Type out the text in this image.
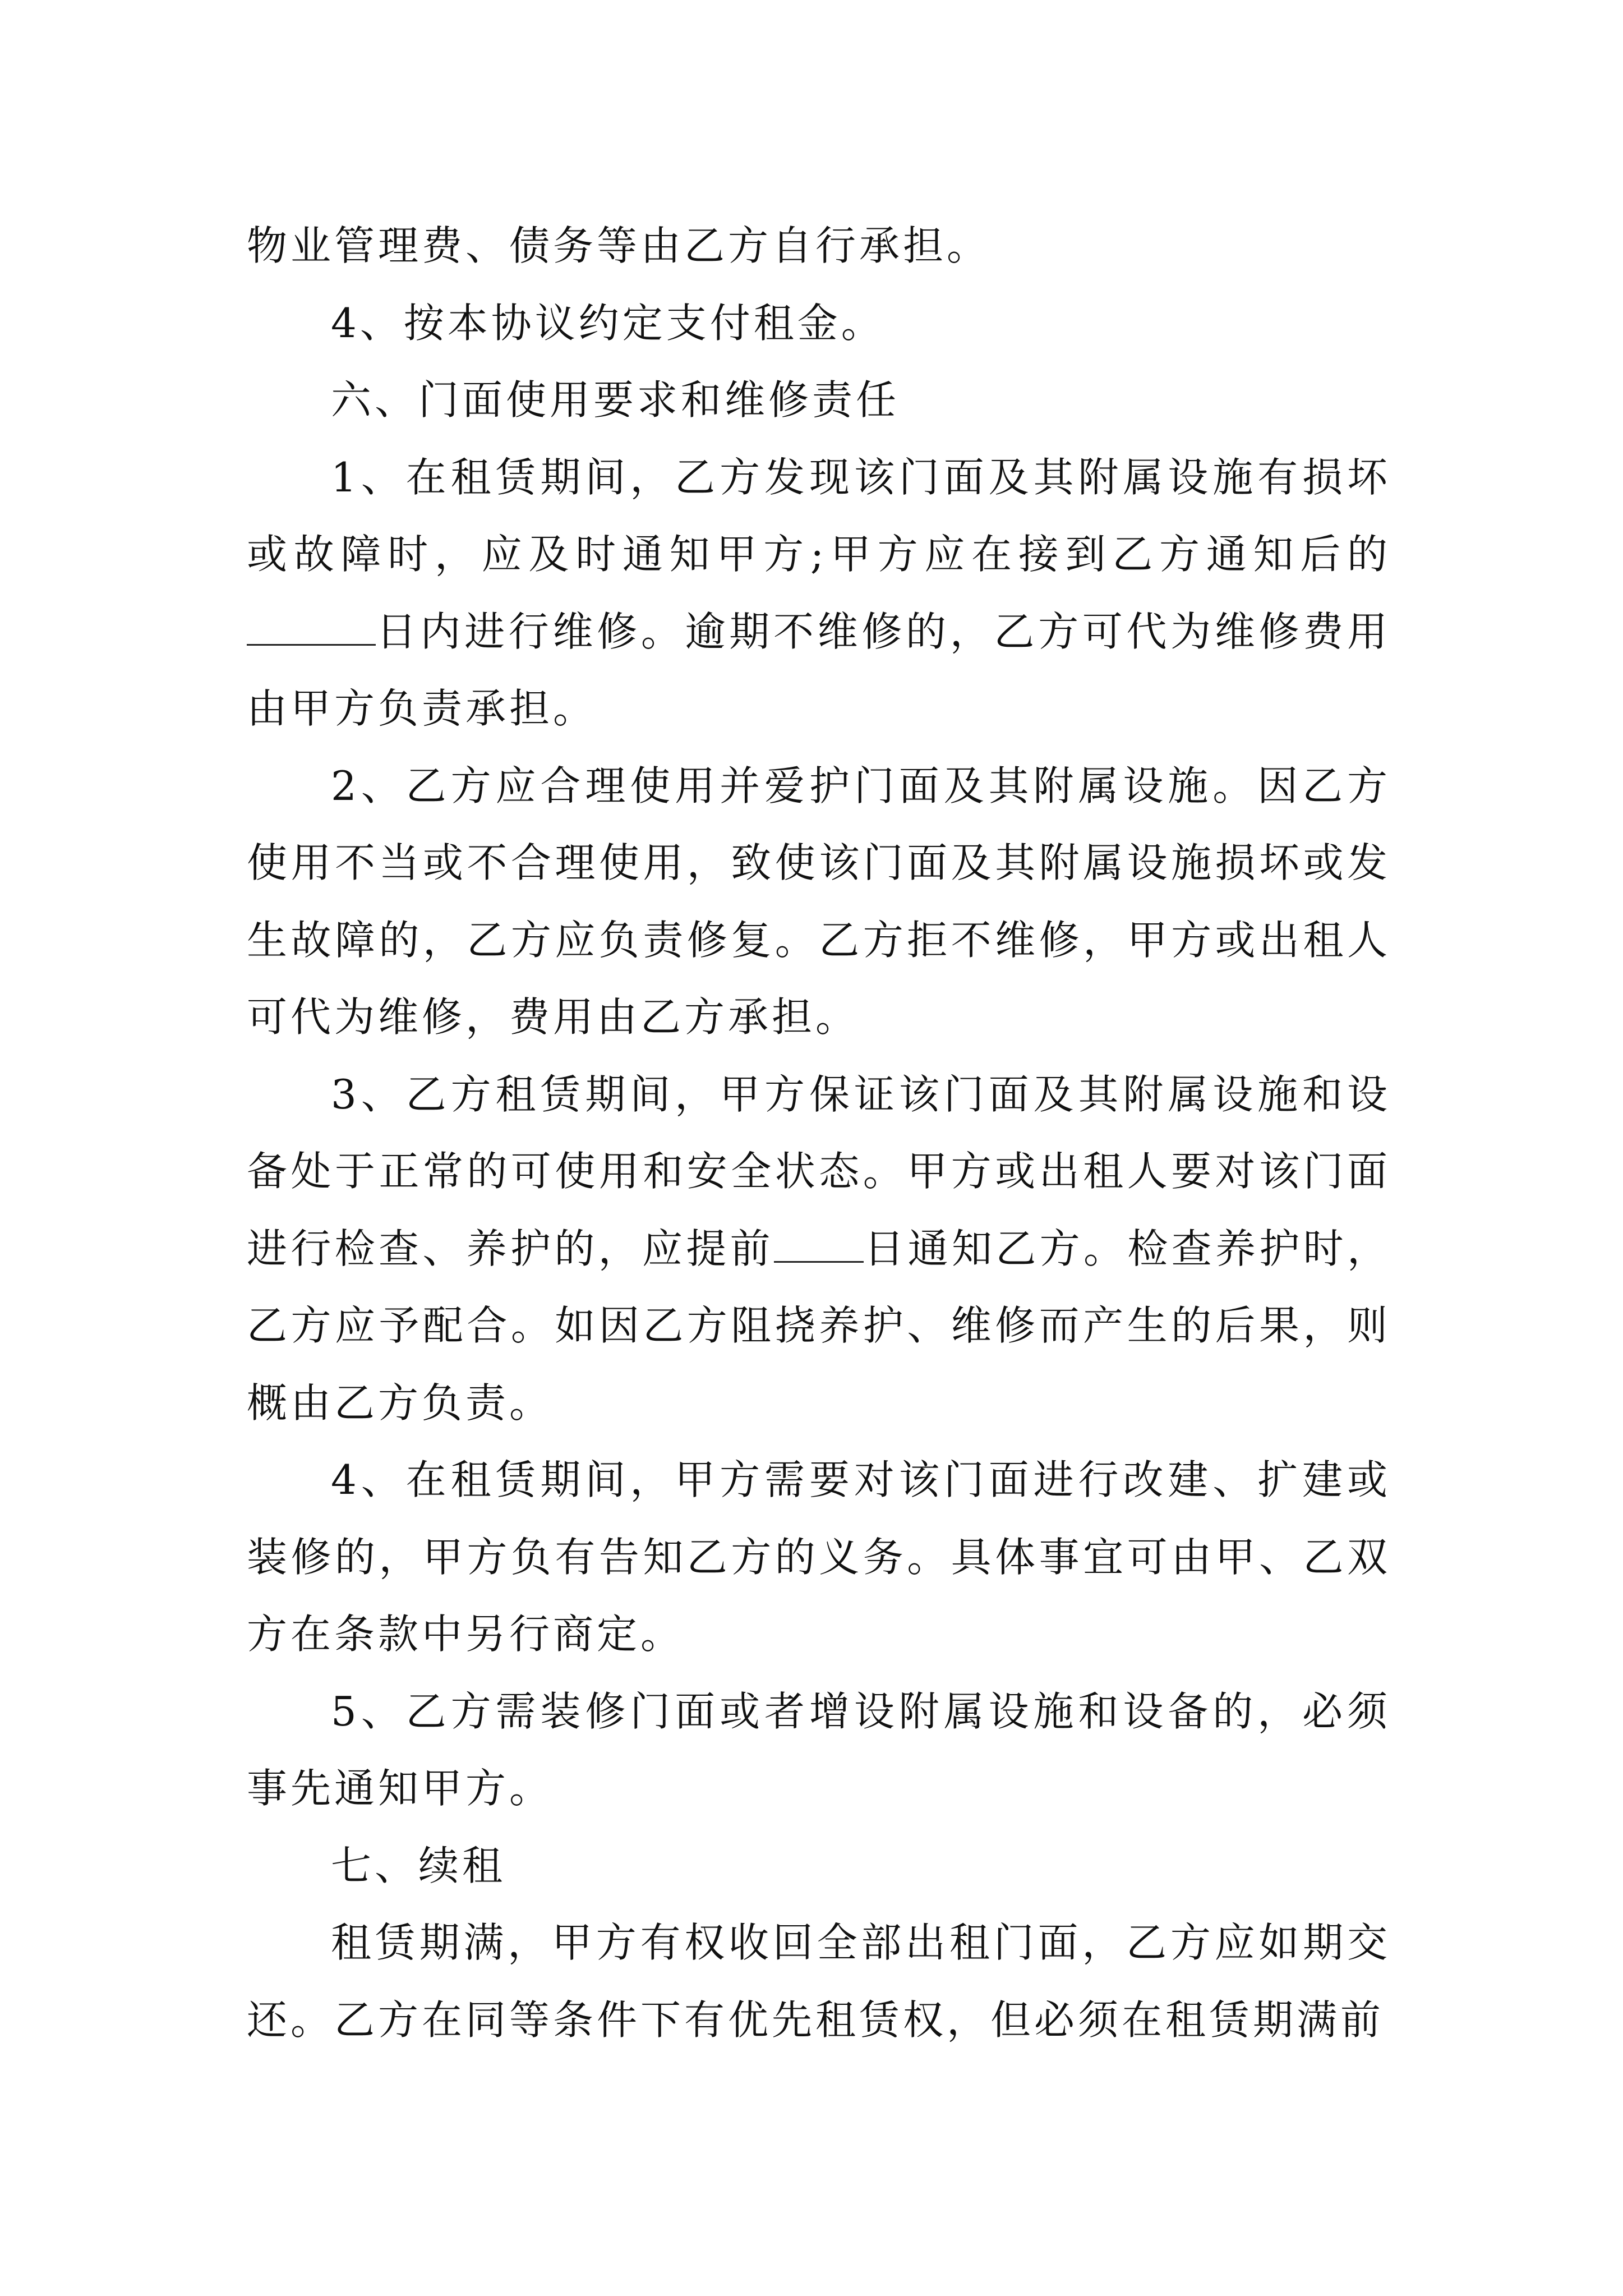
物业管理费、债务等由乙方自行承担。

4、按本协议约定支付租金。

六、门面使用要求和维修责任

1、在租赁期间，乙方发现该门面及其附属设施有损坏或故障时，应及时通知甲方;甲方应在接到乙方通知后的日内进行维修。逾期不维修的，乙方可代为维修费用由甲方负责承担。

2、乙方应合理使用并爱护门面及其附属设施。因乙方使用不当或不合理使用，致使该门面及其附属设施损坏或发生故障的，乙方应负责修复。乙方拒不维修，甲方或出租人可代为维修，费用由乙方承担。

3、乙方租赁期间，甲方保证该门面及其附属设施和设备处于正常的可使用和安全状态。甲方或出租人要对该门面进行检查、养护的，应提前 日通知乙方。检查养护时，乙方应予配合。如因乙方阻挠养护、维修而产生的后果，则概由乙方负责。

4、在租赁期间，甲方需要对该门面进行改建、扩建或装修的，甲方负有告知乙方的义务。具体事宜可由甲、乙双方在条款中另行商定。

5、乙方需装修门面或者增设附属设施和设备的，必须事先通知甲方。

七、续租

租赁期满，甲方有权收回全部出租门面，乙方应如期交还。乙方在同等条件下有优先租赁权，但必须在租赁期满前
